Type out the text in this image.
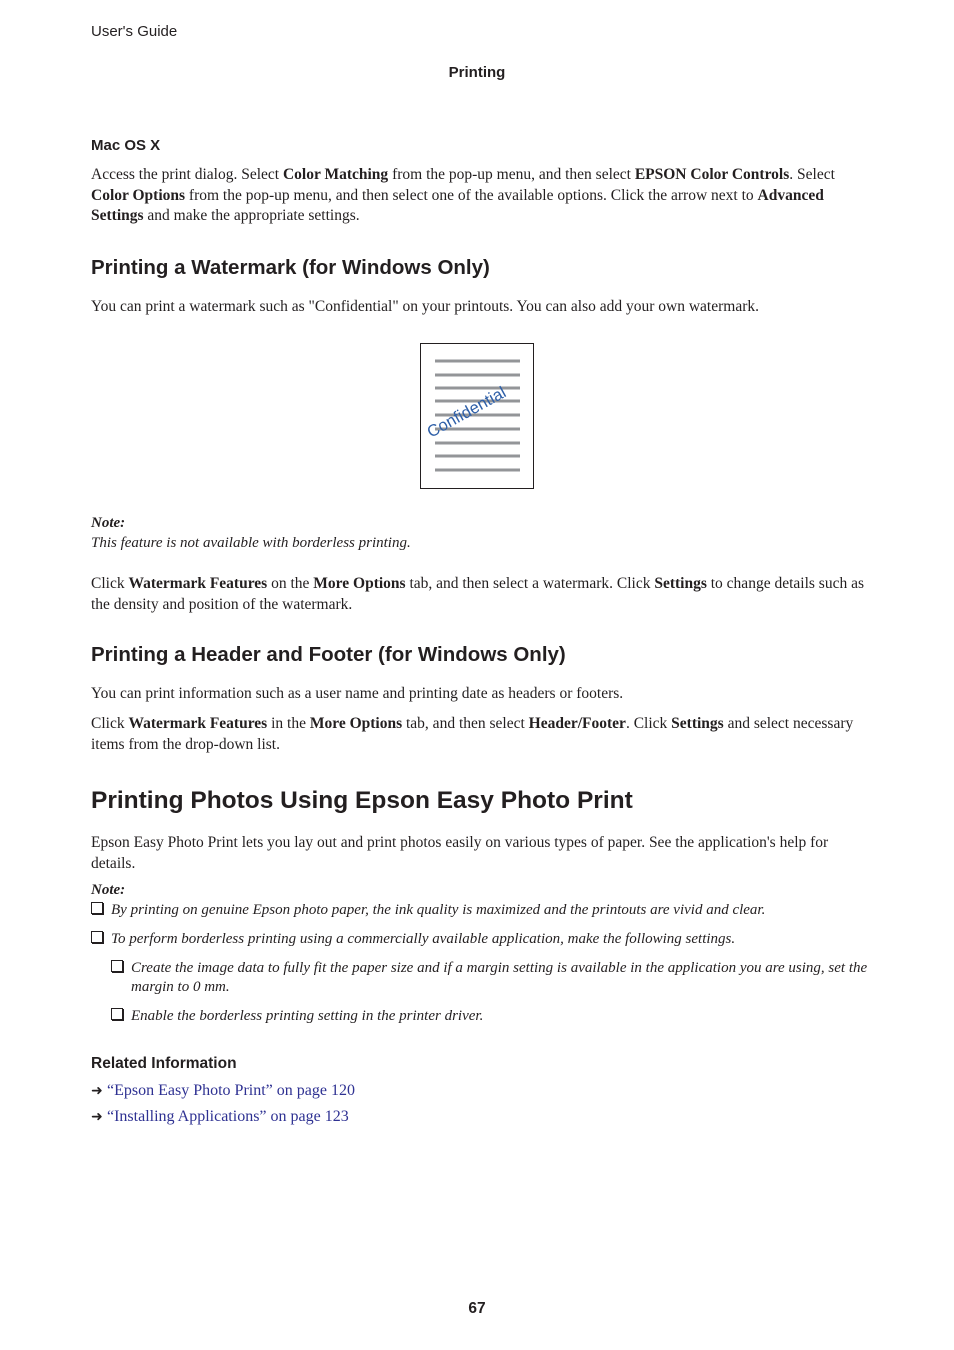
User's Guide
Printing
Mac OS X
Access the print dialog. Select Color Matching from the pop-up menu, and then select EPSON Color Controls. Select Color Options from the pop-up menu, and then select one of the available options. Click the arrow next to Advanced Settings and make the appropriate settings.
Printing a Watermark (for Windows Only)
You can print a watermark such as "Confidential" on your printouts. You can also add your own watermark.
Confidential
Note:
This feature is not available with borderless printing.
Click Watermark Features on the More Options tab, and then select a watermark. Click Settings to change details such as the density and position of the watermark.
Printing a Header and Footer (for Windows Only)
You can print information such as a user name and printing date as headers or footers.
Click Watermark Features in the More Options tab, and then select Header/Footer. Click Settings and select necessary items from the drop-down list.
Printing Photos Using Epson Easy Photo Print
Epson Easy Photo Print lets you lay out and print photos easily on various types of paper. See the application's help for details.
Note:
By printing on genuine Epson photo paper, the ink quality is maximized and the printouts are vivid and clear.
To perform borderless printing using a commercially available application, make the following settings.
Create the image data to fully fit the paper size and if a margin setting is available in the application you are using, set the margin to 0 mm.
Enable the borderless printing setting in the printer driver.
Related Information
➜ “Epson Easy Photo Print” on page 120
➜ “Installing Applications” on page 123
67
